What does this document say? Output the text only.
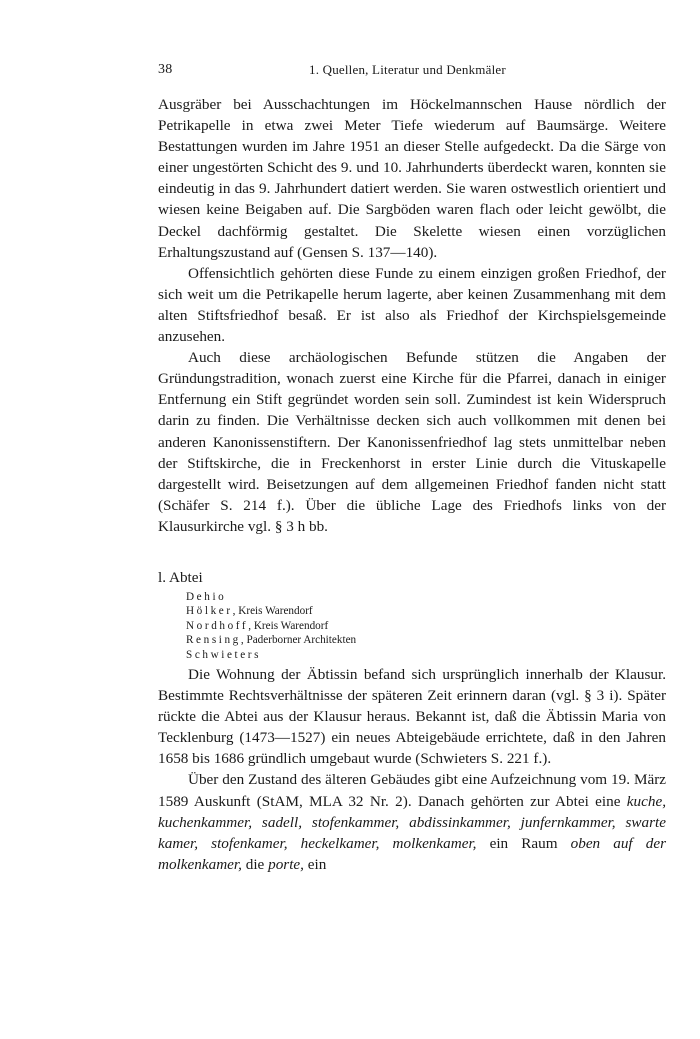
38	1. Quellen, Literatur und Denkmäler

Ausgräber bei Ausschachtungen im Höckelmannschen Hause nördlich der Petrikapelle in etwa zwei Meter Tiefe wiederum auf Baumsärge. Weitere Bestattungen wurden im Jahre 1951 an dieser Stelle aufgedeckt. Da die Särge von einer ungestörten Schicht des 9. und 10. Jahrhunderts überdeckt waren, konnten sie eindeutig in das 9. Jahrhundert datiert werden. Sie waren ostwestlich orientiert und wiesen keine Beigaben auf. Die Sargböden waren flach oder leicht gewölbt, die Deckel dachförmig gestaltet. Die Skelette wiesen einen vorzüglichen Erhaltungszustand auf (Gensen S. 137—140).

Offensichtlich gehörten diese Funde zu einem einzigen großen Friedhof, der sich weit um die Petrikapelle herum lagerte, aber keinen Zusammenhang mit dem alten Stiftsfriedhof besaß. Er ist also als Friedhof der Kirchspielsgemeinde anzusehen.

Auch diese archäologischen Befunde stützen die Angaben der Gründungstradition, wonach zuerst eine Kirche für die Pfarrei, danach in einiger Entfernung ein Stift gegründet worden sein soll. Zumindest ist kein Widerspruch darin zu finden. Die Verhältnisse decken sich auch vollkommen mit denen bei anderen Kanonissenstiftern. Der Kanonissenfriedhof lag stets unmittelbar neben der Stiftskirche, die in Freckenhorst in erster Linie durch die Vituskapelle dargestellt wird. Beisetzungen auf dem allgemeinen Friedhof fanden nicht statt (Schäfer S. 214 f.). Über die übliche Lage des Friedhofs links von der Klausurkirche vgl. § 3 h bb.

l. Abtei
Dehio
Hölker, Kreis Warendorf
Nordhoff, Kreis Warendorf
Rensing, Paderborner Architekten
Schwieters

Die Wohnung der Äbtissin befand sich ursprünglich innerhalb der Klausur. Bestimmte Rechtsverhältnisse der späteren Zeit erinnern daran (vgl. § 3 i). Später rückte die Abtei aus der Klausur heraus. Bekannt ist, daß die Äbtissin Maria von Tecklenburg (1473—1527) ein neues Abteigebäude errichtete, daß in den Jahren 1658 bis 1686 gründlich umgebaut wurde (Schwieters S. 221 f.).

Über den Zustand des älteren Gebäudes gibt eine Aufzeichnung vom 19. März 1589 Auskunft (StAM, MLA 32 Nr. 2). Danach gehörten zur Abtei eine kuche, kuchenkammer, sadell, stofenkammer, abdissinkammer, junfernkammer, swarte kamer, stofenkamer, heckelkamer, molkenkamer, ein Raum oben auf der molkenkamer, die porte, ein
